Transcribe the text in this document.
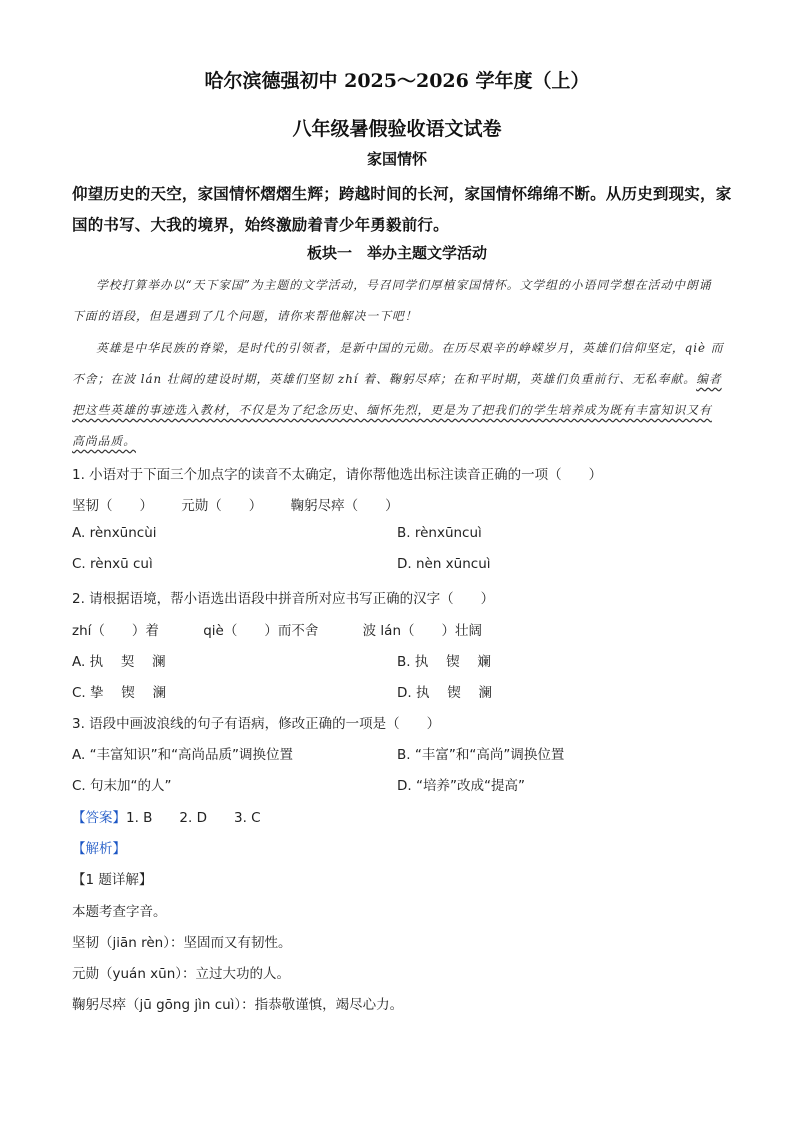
哈尔滨德强初中 2025～2026 学年度（上）
八年级暑假验收语文试卷
家国情怀
仰望历史的天空，家国情怀熠熠生辉；跨越时间的长河，家国情怀绵绵不断。从历史到现实，家国的书写、大我的境界，始终激励着青少年勇毅前行。
板块一　举办主题文学活动
学校打算举办以“天下家国”为主题的文学活动，号召同学们厚植家国情怀。文学组的小语同学想在活动中朗诵下面的语段，但是遇到了几个问题，请你来帮他解决一下吧！
英雄是中华民族的脊梁，是时代的引领者，是新中国的元勋。在历尽艰辛的峥嵘岁月，英雄们信仰坚定，qiè 而不舍；在波 lán 壮阔的建设时期，英雄们坚韧 zhí 着、鞠躬尽瘁；在和平时期，英雄们负重前行、无私奉献。编者把这些英雄的事迹选入教材，不仅是为了纪念历史、缅怀先烈，更是为了把我们的学生培养成为既有丰富知识又有高尚品质。
1. 小语对于下面三个加点字的读音不太确定，请你帮他选出标注读音正确的一项（　　）
坚韧（　　） 元勋（　　） 鞠躬尽瘁（　　）
A. rènxūncùi	B. rènxūncuì
C. rènxū cuì	D. nèn xūncuì
2. 请根据语境，帮小语选出语段中拼音所对应书写正确的汉字（　　）
zhí（　　）着	qiè（　　）而不舍	波 lán（　　）壮阔
A. 执　 契　 澜	B. 执　 锲　 斓
C. 挚　 锲　 澜	D. 执　 锲　 澜
3. 语段中画波浪线的句子有语病，修改正确的一项是（　　）
A. “丰富知识”和“高尚品质”调换位置	B. “丰富”和“高尚”调换位置
C. 句末加“的人”	D. “培养”改成“提高”
【答案】1. B　　2. D　　3. C
【解析】
【1 题详解】
本题考查字音。
坚韧（jiān rèn）：坚固而又有韧性。
元勋（yuán xūn）：立过大功的人。
鞠躬尽瘁（jū gōng jìn cuì）：指恭敬谨慎，竭尽心力。
